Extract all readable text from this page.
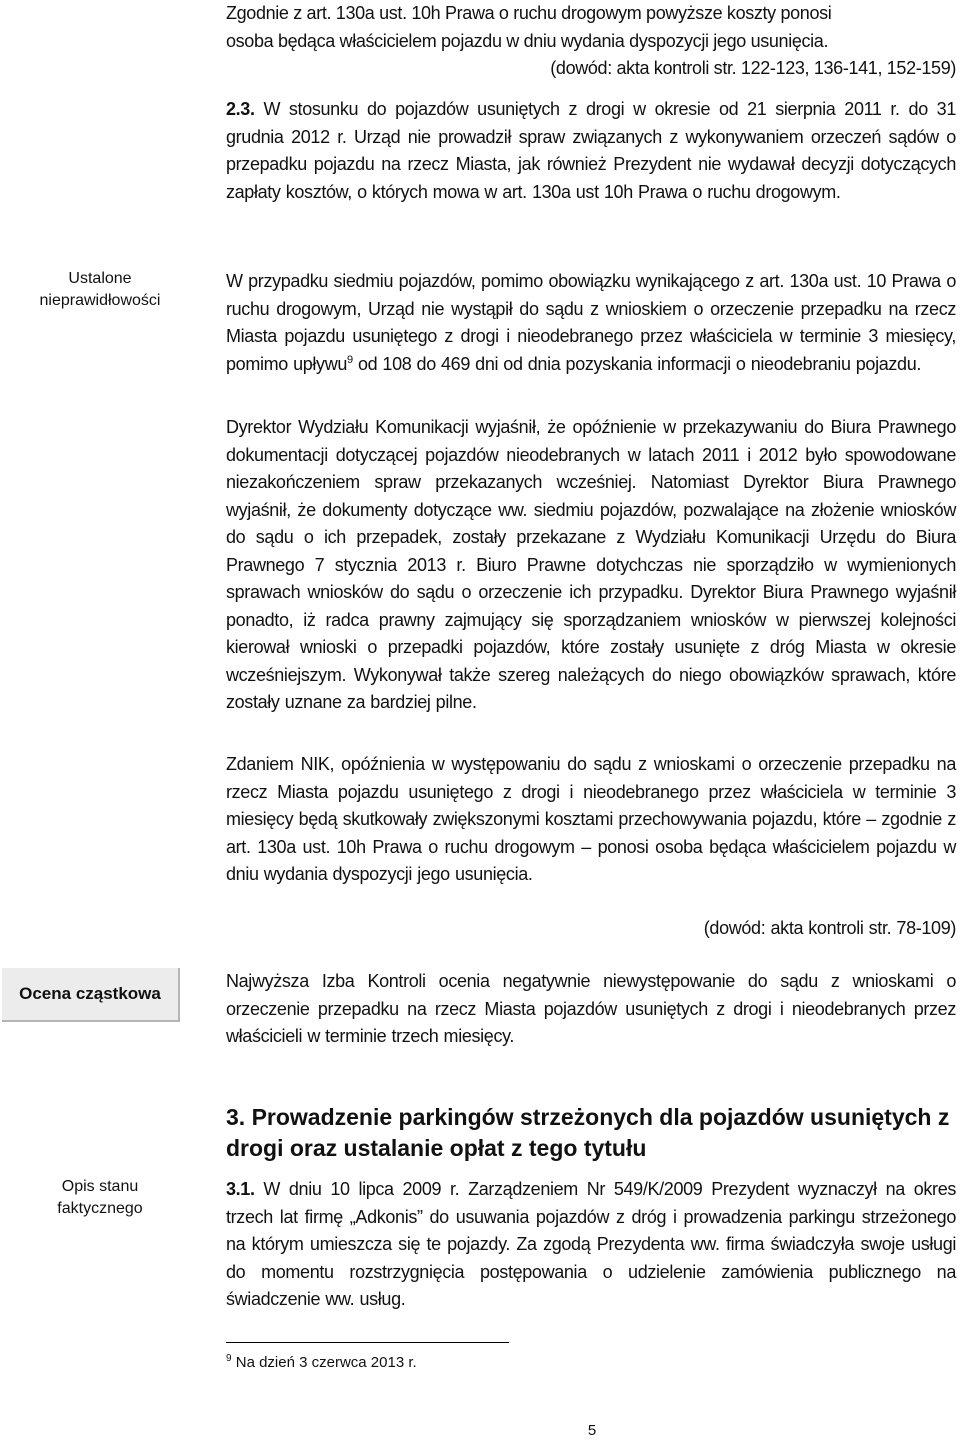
Zgodnie z art. 130a ust. 10h Prawa o ruchu drogowym powyższe koszty ponosi
osoba będąca właścicielem pojazdu w dniu wydania dyspozycji jego usunięcia.
(dowód: akta kontroli str. 122-123, 136-141, 152-159)

2.3. W stosunku do pojazdów usuniętych z drogi w okresie od 21 sierpnia 2011 r. do 31 grudnia 2012 r. Urząd nie prowadził spraw związanych z wykonywaniem orzeczeń sądów o przepadku pojazdu na rzecz Miasta, jak również Prezydent nie wydawał decyzji dotyczących zapłaty kosztów, o których mowa w art. 130a ust 10h Prawa o ruchu drogowym.

Ustalone
nieprawidłowości

W przypadku siedmiu pojazdów, pomimo obowiązku wynikającego z art. 130a ust. 10 Prawa o ruchu drogowym, Urząd nie wystąpił do sądu z wnioskiem o orzeczenie przepadku na rzecz Miasta pojazdu usuniętego z drogi i nieodebranego przez właściciela w terminie 3 miesięcy, pomimo upływu$^9$ od 108 do 469 dni od dnia pozyskania informacji o nieodebraniu pojazdu.

Dyrektor Wydziału Komunikacji wyjaśnił, że opóźnienie w przekazywaniu do Biura Prawnego dokumentacji dotyczącej pojazdów nieodebranych w latach 2011 i 2012 było spowodowane niezakończeniem spraw przekazanych wcześniej. Natomiast Dyrektor Biura Prawnego wyjaśnił, że dokumenty dotyczące ww. siedmiu pojazdów, pozwalające na złożenie wniosków do sądu o ich przepadek, zostały przekazane z Wydziału Komunikacji Urzędu do Biura Prawnego 7 stycznia 2013 r. Biuro Prawne dotychczas nie sporządziło w wymienionych sprawach wniosków do sądu o orzeczenie ich przypadku. Dyrektor Biura Prawnego wyjaśnił ponadto, iż radca prawny zajmujący się sporządzaniem wniosków w pierwszej kolejności kierował wnioski o przepadki pojazdów, które zostały usunięte z dróg Miasta w okresie wcześniejszym. Wykonywał także szereg należących do niego obowiązków sprawach, które zostały uznane za bardziej pilne.

Zdaniem NIK, opóźnienia w występowaniu do sądu z wnioskami o orzeczenie przepadku na rzecz Miasta pojazdu usuniętego z drogi i nieodebranego przez właściciela w terminie 3 miesięcy będą skutkowały zwiększonymi kosztami przechowywania pojazdu, które – zgodnie z art. 130a ust. 10h Prawa o ruchu drogowym – ponosi osoba będąca właścicielem pojazdu w dniu wydania dyspozycji jego usunięcia.

(dowód: akta kontroli str. 78-109)
Ocena cząstkowa

Najwyższa Izba Kontroli ocenia negatywnie niewystępowanie do sądu z wnioskami o orzeczenie przepadku na rzecz Miasta pojazdów usuniętych z drogi i nieodebranych przez właścicieli w terminie trzech miesięcy.

3. Prowadzenie parkingów strzeżonych dla pojazdów usuniętych z drogi oraz ustalanie opłat z tego tytułu
Opis stanu
faktycznego

3.1. W dniu 10 lipca 2009 r. Zarządzeniem Nr 549/K/2009 Prezydent wyznaczył na okres trzech lat firmę „Adkonis” do usuwania pojazdów z dróg i prowadzenia parkingu strzeżonego na którym umieszcza się te pojazdy. Za zgodą Prezydenta ww. firma świadczyła swoje usługi do momentu rozstrzygnięcia postępowania o udzielenie zamówienia publicznego na świadczenie ww. usług.

$^9$ Na dzień 3 czerwca 2013 r.
5
